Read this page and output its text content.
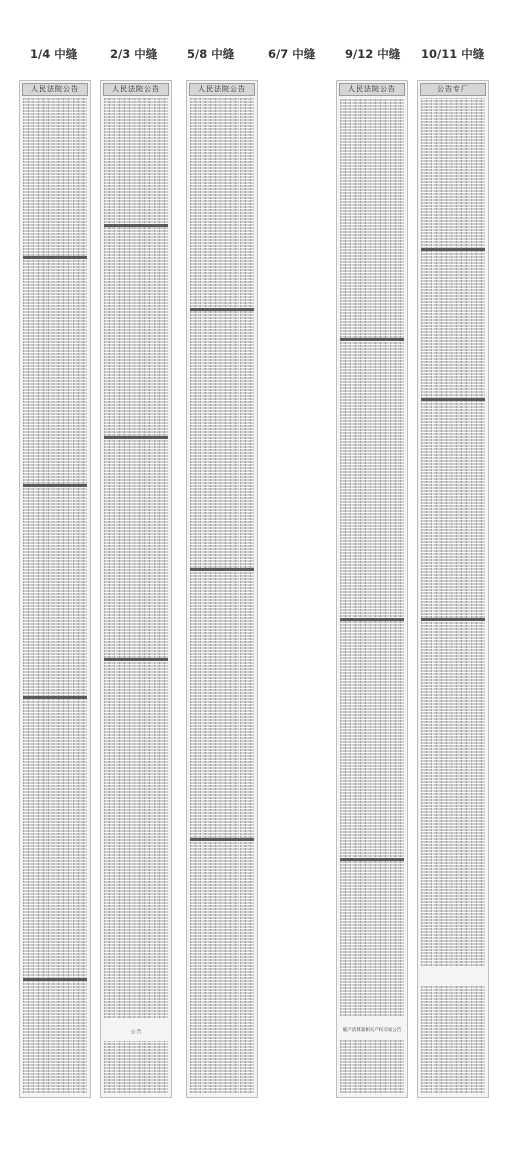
1/4 中缝	2/3 中缝	5/8 中缝	6/7 中缝	9/12 中缝 10/11 中缝
人民法院公告	人民法院公告
公 告
人民法院公告	人民法院公告
破产清算案相关产权交易公告
公告专厂
